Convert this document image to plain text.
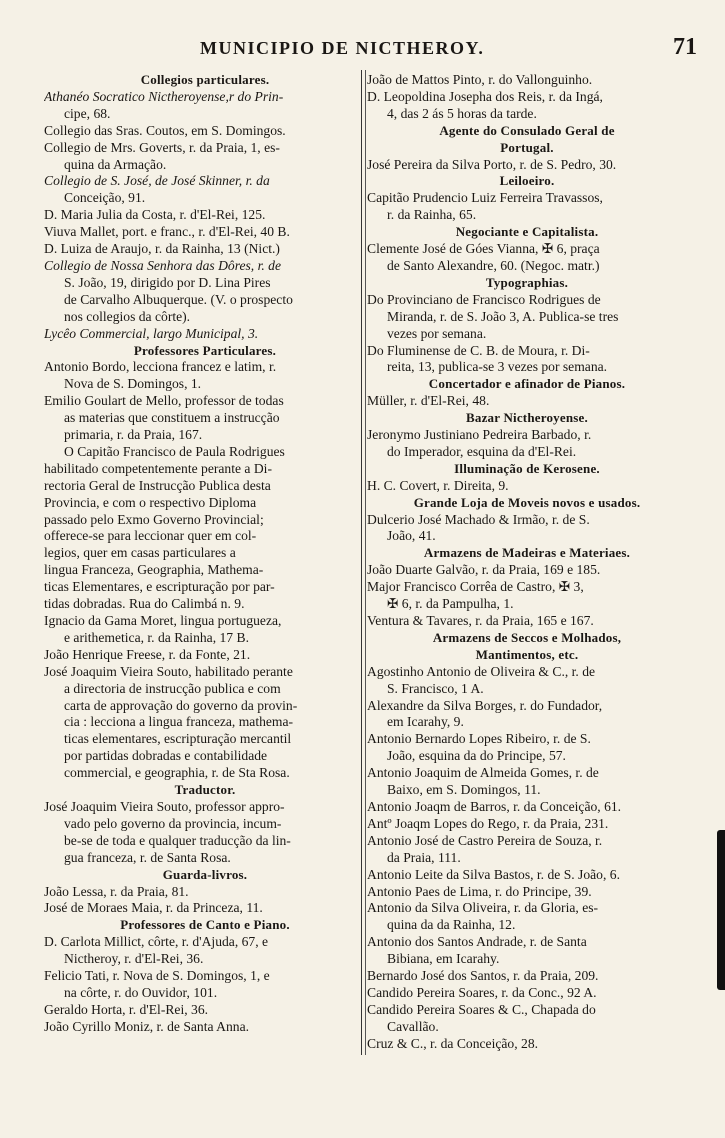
MUNICIPIO DE NICTHEROY.	71
Collegios particulares.
Athanéo Socratico Nictheroyense,r do Prin-
cipe, 68.
Collegio das Sras. Coutos, em S. Domingos.
Collegio de Mrs. Goverts, r. da Praia, 1, es-
quina da Armação.
Collegio de S. José, de José Skinner, r. da
Conceição, 91.
D. Maria Julia da Costa, r. d'El-Rei, 125.
Viuva Mallet, port. e franc., r. d'El-Rei, 40 B.
D. Luiza de Araujo, r. da Rainha, 13 (Nict.)
Collegio de Nossa Senhora das Dôres, r. de
S. João, 19, dirigido por D. Lina Pires
de Carvalho Albuquerque. (V. o prospecto
nos collegios da côrte).
Lycêo Commercial, largo Municipal, 3.
Professores Particulares.
Antonio Bordo, lecciona francez e latim, r.
Nova de S. Domingos, 1.
Emilio Goulart de Mello, professor de todas
as materias que constituem a instrucção
primaria, r. da Praia, 167.
O Capitão Francisco de Paula Rodrigues
habilitado competentemente perante a Di-
rectoria Geral de Instrucção Publica desta
Provincia, e com o respectivo Diploma
passado pelo Exmo Governo Provincial;
offerece-se para leccionar quer em col-
legios, quer em casas particulares a
lingua Franceza, Geographia, Mathema-
ticas Elementares, e escripturação por par-
tidas dobradas. Rua do Calimbá n. 9.
Ignacio da Gama Moret, lingua portugueza,
e arithemetica, r. da Rainha, 17 B.
João Henrique Freese, r. da Fonte, 21.
José Joaquim Vieira Souto, habilitado perante
a directoria de instrucção publica e com
carta de approvação do governo da provin-
cia : lecciona a lingua franceza, mathema-
ticas elementares, escripturação mercantil
por partidas dobradas e contabilidade
commercial, e geographia, r. de Sta Rosa.
Traductor.
José Joaquim Vieira Souto, professor appro-
vado pelo governo da provincia, incum-
be-se de toda e qualquer traducção da lin-
gua franceza, r. de Santa Rosa.
Guarda-livros.
João Lessa, r. da Praia, 81.
José de Moraes Maia, r. da Princeza, 11.
Professores de Canto e Piano.
D. Carlota Millict, côrte, r. d'Ajuda, 67, e
Nictheroy, r. d'El-Rei, 36.
Felicio Tati, r. Nova de S. Domingos, 1, e
na côrte, r. do Ouvidor, 101.
Geraldo Horta, r. d'El-Rei, 36.
João Cyrillo Moniz, r. de Santa Anna.
João de Mattos Pinto, r. do Vallonguinho.
D. Leopoldina Josepha dos Reis, r. da Ingá,
4, das 2 ás 5 horas da tarde.
Agente do Consulado Geral de
Portugal.
José Pereira da Silva Porto, r. de S. Pedro, 30.
Leiloeiro.
Capitão Prudencio Luiz Ferreira Travassos,
r. da Rainha, 65.
Negociante e Capitalista.
Clemente José de Góes Vianna, ✠ 6, praça
de Santo Alexandre, 60. (Negoc. matr.)
Typographias.
Do Provinciano de Francisco Rodrigues de
Miranda, r. de S. João 3, A. Publica-se tres
vezes por semana.
Do Fluminense de C. B. de Moura, r. Di-
reita, 13, publica-se 3 vezes por semana.
Concertador e afinador de Pianos.
Müller, r. d'El-Rei, 48.
Bazar Nictheroyense.
Jeronymo Justiniano Pedreira Barbado, r.
do Imperador, esquina da d'El-Rei.
Illuminação de Kerosene.
H. C. Covert, r. Direita, 9.
Grande Loja de Moveis novos e usados.
Dulcerio José Machado & Irmão, r. de S.
João, 41.
Armazens de Madeiras e Materiaes.
João Duarte Galvão, r. da Praia, 169 e 185.
Major Francisco Corrêa de Castro, ✠ 3,
✠ 6, r. da Pampulha, 1.
Ventura & Tavares, r. da Praia, 165 e 167.
Armazens de Seccos e Molhados,
Mantimentos, etc.
Agostinho Antonio de Oliveira & C., r. de
S. Francisco, 1 A.
Alexandre da Silva Borges, r. do Fundador,
em Icarahy, 9.
Antonio Bernardo Lopes Ribeiro, r. de S.
João, esquina da do Principe, 57.
Antonio Joaquim de Almeida Gomes, r. de
Baixo, em S. Domingos, 11.
Antonio Joaqm de Barros, r. da Conceição, 61.
Antº Joaqm Lopes do Rego, r. da Praia, 231.
Antonio José de Castro Pereira de Souza, r.
da Praia, 111.
Antonio Leite da Silva Bastos, r. de S. João, 6.
Antonio Paes de Lima, r. do Principe, 39.
Antonio da Silva Oliveira, r. da Gloria, es-
quina da da Rainha, 12.
Antonio dos Santos Andrade, r. de Santa
Bibiana, em Icarahy.
Bernardo José dos Santos, r. da Praia, 209.
Candido Pereira Soares, r. da Conc., 92 A.
Candido Pereira Soares & C., Chapada do
Cavallão.
Cruz & C., r. da Conceição, 28.
